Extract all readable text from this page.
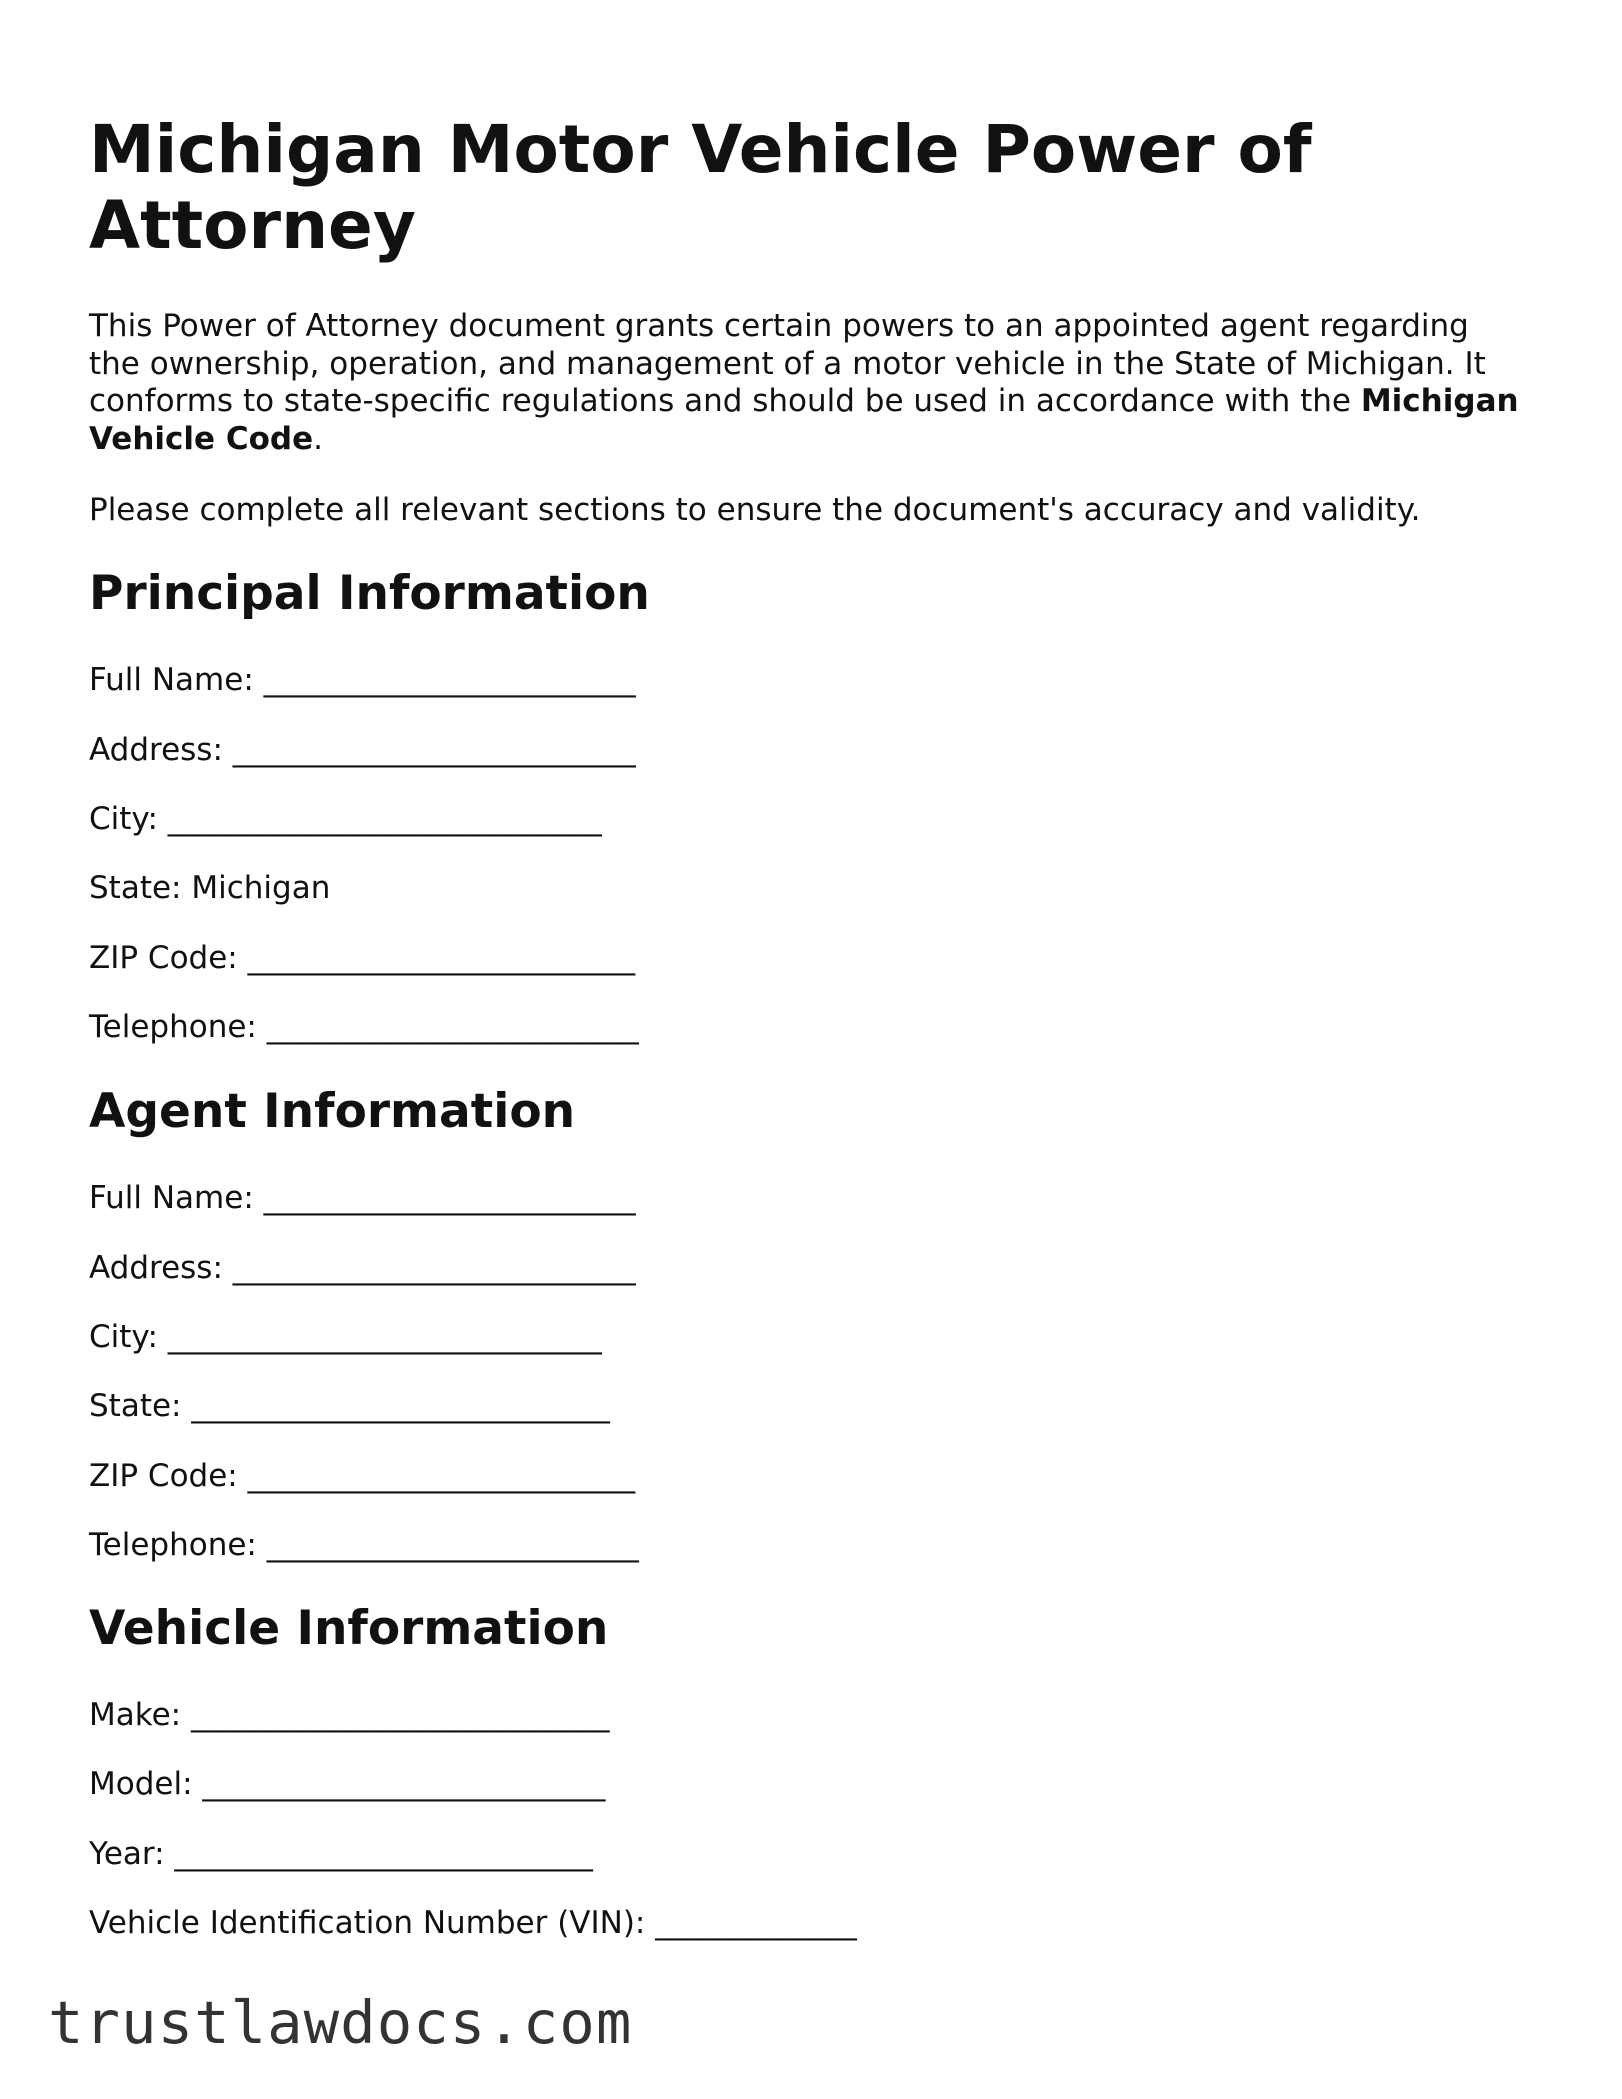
Michigan Motor Vehicle Power of Attorney

This Power of Attorney document grants certain powers to an appointed agent regarding the ownership, operation, and management of a motor vehicle in the State of Michigan. It conforms to state-specific regulations and should be used in accordance with the Michigan Vehicle Code.

Please complete all relevant sections to ensure the document's accuracy and validity.

Principal Information

Full Name: ________________________

Address: __________________________

City: ____________________________

State: Michigan

ZIP Code: _________________________

Telephone: ________________________

Agent Information

Full Name: ________________________

Address: __________________________

City: ____________________________

State: ___________________________

ZIP Code: _________________________

Telephone: ________________________

Vehicle Information

Make: ___________________________

Model: __________________________

Year: ___________________________

Vehicle Identification Number (VIN): _____________

trustlawdocs.com
